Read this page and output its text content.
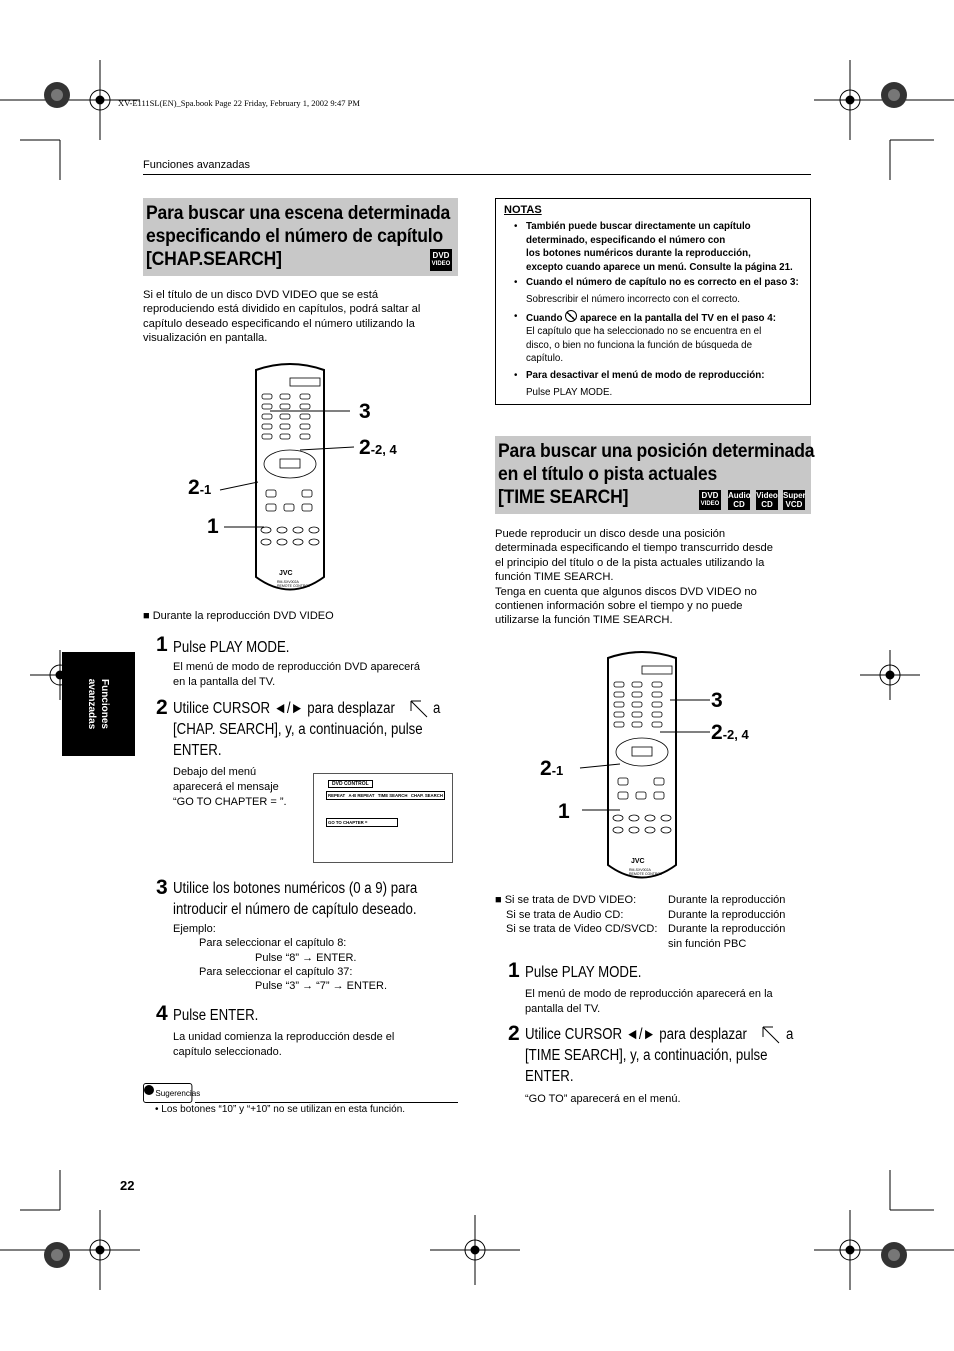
XV-E111SL(EN)_Spa.book Page 22 Friday, February 1, 2002 9:47 PM
Funciones avanzadas
Funciones
avanzadas
Para buscar una escena determinada
especificando el número de capítulo
[CHAP.SEARCH]	DVD
VIDEO
Si el título de un disco DVD VIDEO que se está
reproduciendo está dividido en capítulos, podrá saltar al
capítulo deseado especificando el número utilizando la
visualización en pantalla.
JVC
RM-SXV002A
REMOTE CONTROL
3
2-2, 4
2-1
1
■ Durante la reproducción DVD VIDEO
1 Pulse PLAY MODE.
El menú de modo de reproducción DVD aparecerá
en la pantalla del TV.
2 Utilice CURSOR ◄/► para desplazar
[CHAP. SEARCH], y, a continuación, pulse
ENTER.
a
Debajo del menú
aparecerá el mensaje
“GO TO CHAPTER = ”.
DVD CONTROL
REPEAT A-B REPEAT TIME SEARCH CHAP. SEARCH
GO TO CHAPTER =
3 Utilice los botones numéricos (0 a 9) para
introducir el número de capítulo deseado.
Ejemplo:
Para seleccionar el capítulo 8:
Pulse “8” → ENTER.
Para seleccionar el capítulo 37:
Pulse “3” → “7” → ENTER.
4 Pulse ENTER.
La unidad comienza la reproducción desde el
capítulo seleccionado.
Sugerencias
• Los botones “10” y “+10” no se utilizan en esta función.
22
NOTAS
• También puede buscar directamente un capítulo
determinado, especificando el número con
los botones numéricos durante la reproducción,
excepto cuando aparece un menú. Consulte la página 21.
• Cuando el número de capítulo no es correcto en el paso 3:
Sobrescribir el número incorrecto con el correcto.
• Cuando aparece en la pantalla del TV en el paso 4:
El capítulo que ha seleccionado no se encuentra en el
disco, o bien no funciona la función de búsqueda de
capítulo.
• Para desactivar el menú de modo de reproducción:
Pulse PLAY MODE.
Para buscar una posición determinada
en el título o pista actuales
[TIME SEARCH]	DVD
VIDEO
Audio
CD
Video
CD
Super
VCD
Puede reproducir un disco desde una posición
determinada especificando el tiempo transcurrido desde
el principio del título o de la pista actuales utilizando la
función TIME SEARCH.
Tenga en cuenta que algunos discos DVD VIDEO no
contienen información sobre el tiempo y no puede
utilizarse la función TIME SEARCH.
JVC
RM-SXV002A
REMOTE CONTROL
3
2-2, 4
2-1
1
■ Si se trata de DVD VIDEO:	Durante la reproducción
Si se trata de Audio CD:	Durante la reproducción
Si se trata de Video CD/SVCD: Durante la reproducción
sin función PBC
1 Pulse PLAY MODE.
El menú de modo de reproducción aparecerá en la
pantalla del TV.
2 Utilice CURSOR ◄/► para desplazar
[TIME SEARCH], y, a continuación, pulse
ENTER.
a
“GO TO” aparecerá en el menú.
